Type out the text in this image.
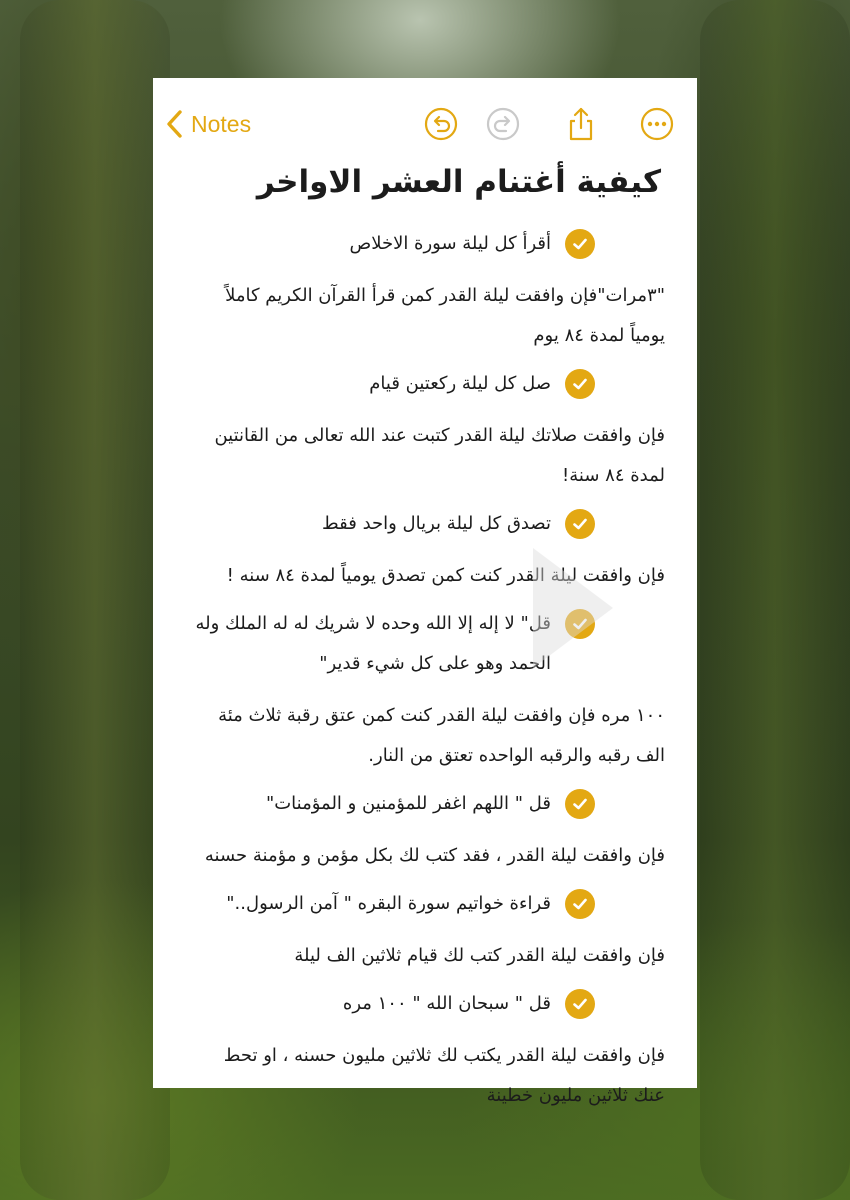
Notes
كيفية أغتنام العشر الاواخر
أقرأ كل ليلة سورة الاخلاص
"٣مرات"فإن وافقت ليلة القدر كمن قرأ القرآن الكريم كاملاً يومياً لمدة ٨٤ يوم
صل كل ليلة ركعتين قيام
فإن وافقت صلاتك ليلة القدر كتبت عند الله تعالى من القانتين لمدة ٨٤ سنة!
تصدق كل ليلة بريال واحد فقط
فإن وافقت ليلة القدر كنت كمن تصدق يومياً لمدة ٨٤ سنه !
قل" لا إله إلا الله وحده لا شريك له له الملك وله الحمد وهو على كل شيء قدير"
١٠٠ مره فإن وافقت ليلة القدر كنت كمن عتق رقبة ثلاث مئة الف رقبه والرقبه الواحده تعتق من النار.
قل " اللهم اغفر للمؤمنين و المؤمنات"
فإن وافقت ليلة القدر ، فقد كتب لك بكل مؤمن و مؤمنة حسنه
قراءة خواتيم سورة البقره " آمن الرسول.."
فإن وافقت ليلة القدر كتب لك قيام ثلاثين الف ليلة
قل " سبحان الله " ١٠٠ مره
فإن وافقت ليلة القدر يكتب لك ثلاثين مليون حسنه ، او تحط عنك ثلاثين مليون خطينة
